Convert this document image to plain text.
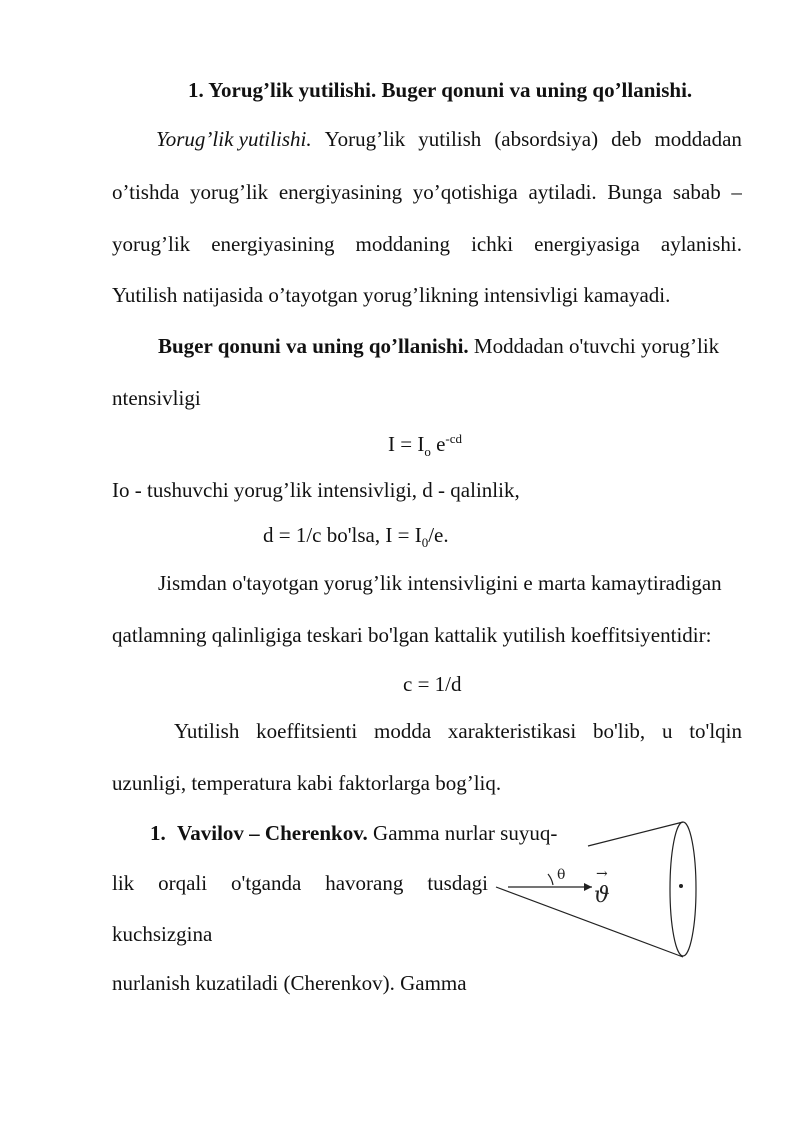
1. Yorug’lik yutilishi. Buger qonuni va uning qo’llanishi.
Yorug’lik yutilishi. Yorug’lik yutilish (absordsiya) deb moddadan
o’tishda yorug’lik energiyasining yo’qotishiga aytiladi. Bunga sabab –
yorug’lik energiyasining moddaning ichki energiyasiga aylanishi.
Yutilish natijasida o’tayotgan yorug’likning intensivligi kamayadi.
Buger qonuni va uning qo’llanishi. Moddadan o'tuvchi yorug’lik
ntensivligi
$I = I_o$ $e^{-cd}$
Io - tushuvchi yorug’lik intensivligi, d - qalinlik,
d = 1/c bo'lsa, $I = I_0/e$.
Jismdan o'tayotgan yorug’lik intensivligini e marta kamaytiradigan
qatlamning qalinligiga teskari bo'lgan kattalik yutilish koeffitsiyentidir:
c = 1/d
Yutilish koeffitsienti modda xarakteristikasi bo'lib, u to'lqin
uzunligi, temperatura kabi faktorlarga bog’liq.
1. Vavilov – Cherenkov. Gamma nurlar suyuq-
lik orqali o'tganda havorang tusdagi
kuchsizgina
nurlanish kuzatiladi (Cherenkov). Gamma
θ →
ϑ
